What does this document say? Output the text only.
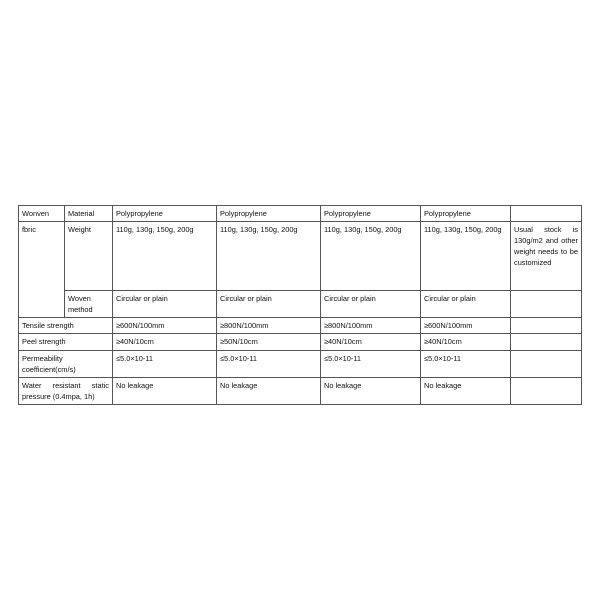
Wonven	Material	Polypropylene	Polypropylene	Polypropylene	Polypropylene	
fbric	Weight	110g, 130g, 150g, 200g	110g, 130g, 150g, 200g	110g, 130g, 150g, 200g	110g, 130g, 150g, 200g	Usual stock is 130g/m2 and other weight needs to be customized
	Woven method	Circular or plain	Circular or plain	Circular or plain	Circular or plain	
Tensile strength		≥600N/100mm	≥800N/100mm	≥800N/100mm	≥600N/100mm	
Peel strength		≥40N/10cm	≥50N/10cm	≥40N/10cm	≥40N/10cm	
Permeability coefficient(cm/s)		≤5.0×10-11	≤5.0×10-11	≤5.0×10-11	≤5.0×10-11	
Water resistant static pressure (0.4mpa, 1h)		No leakage	No leakage	No leakage	No leakage	
